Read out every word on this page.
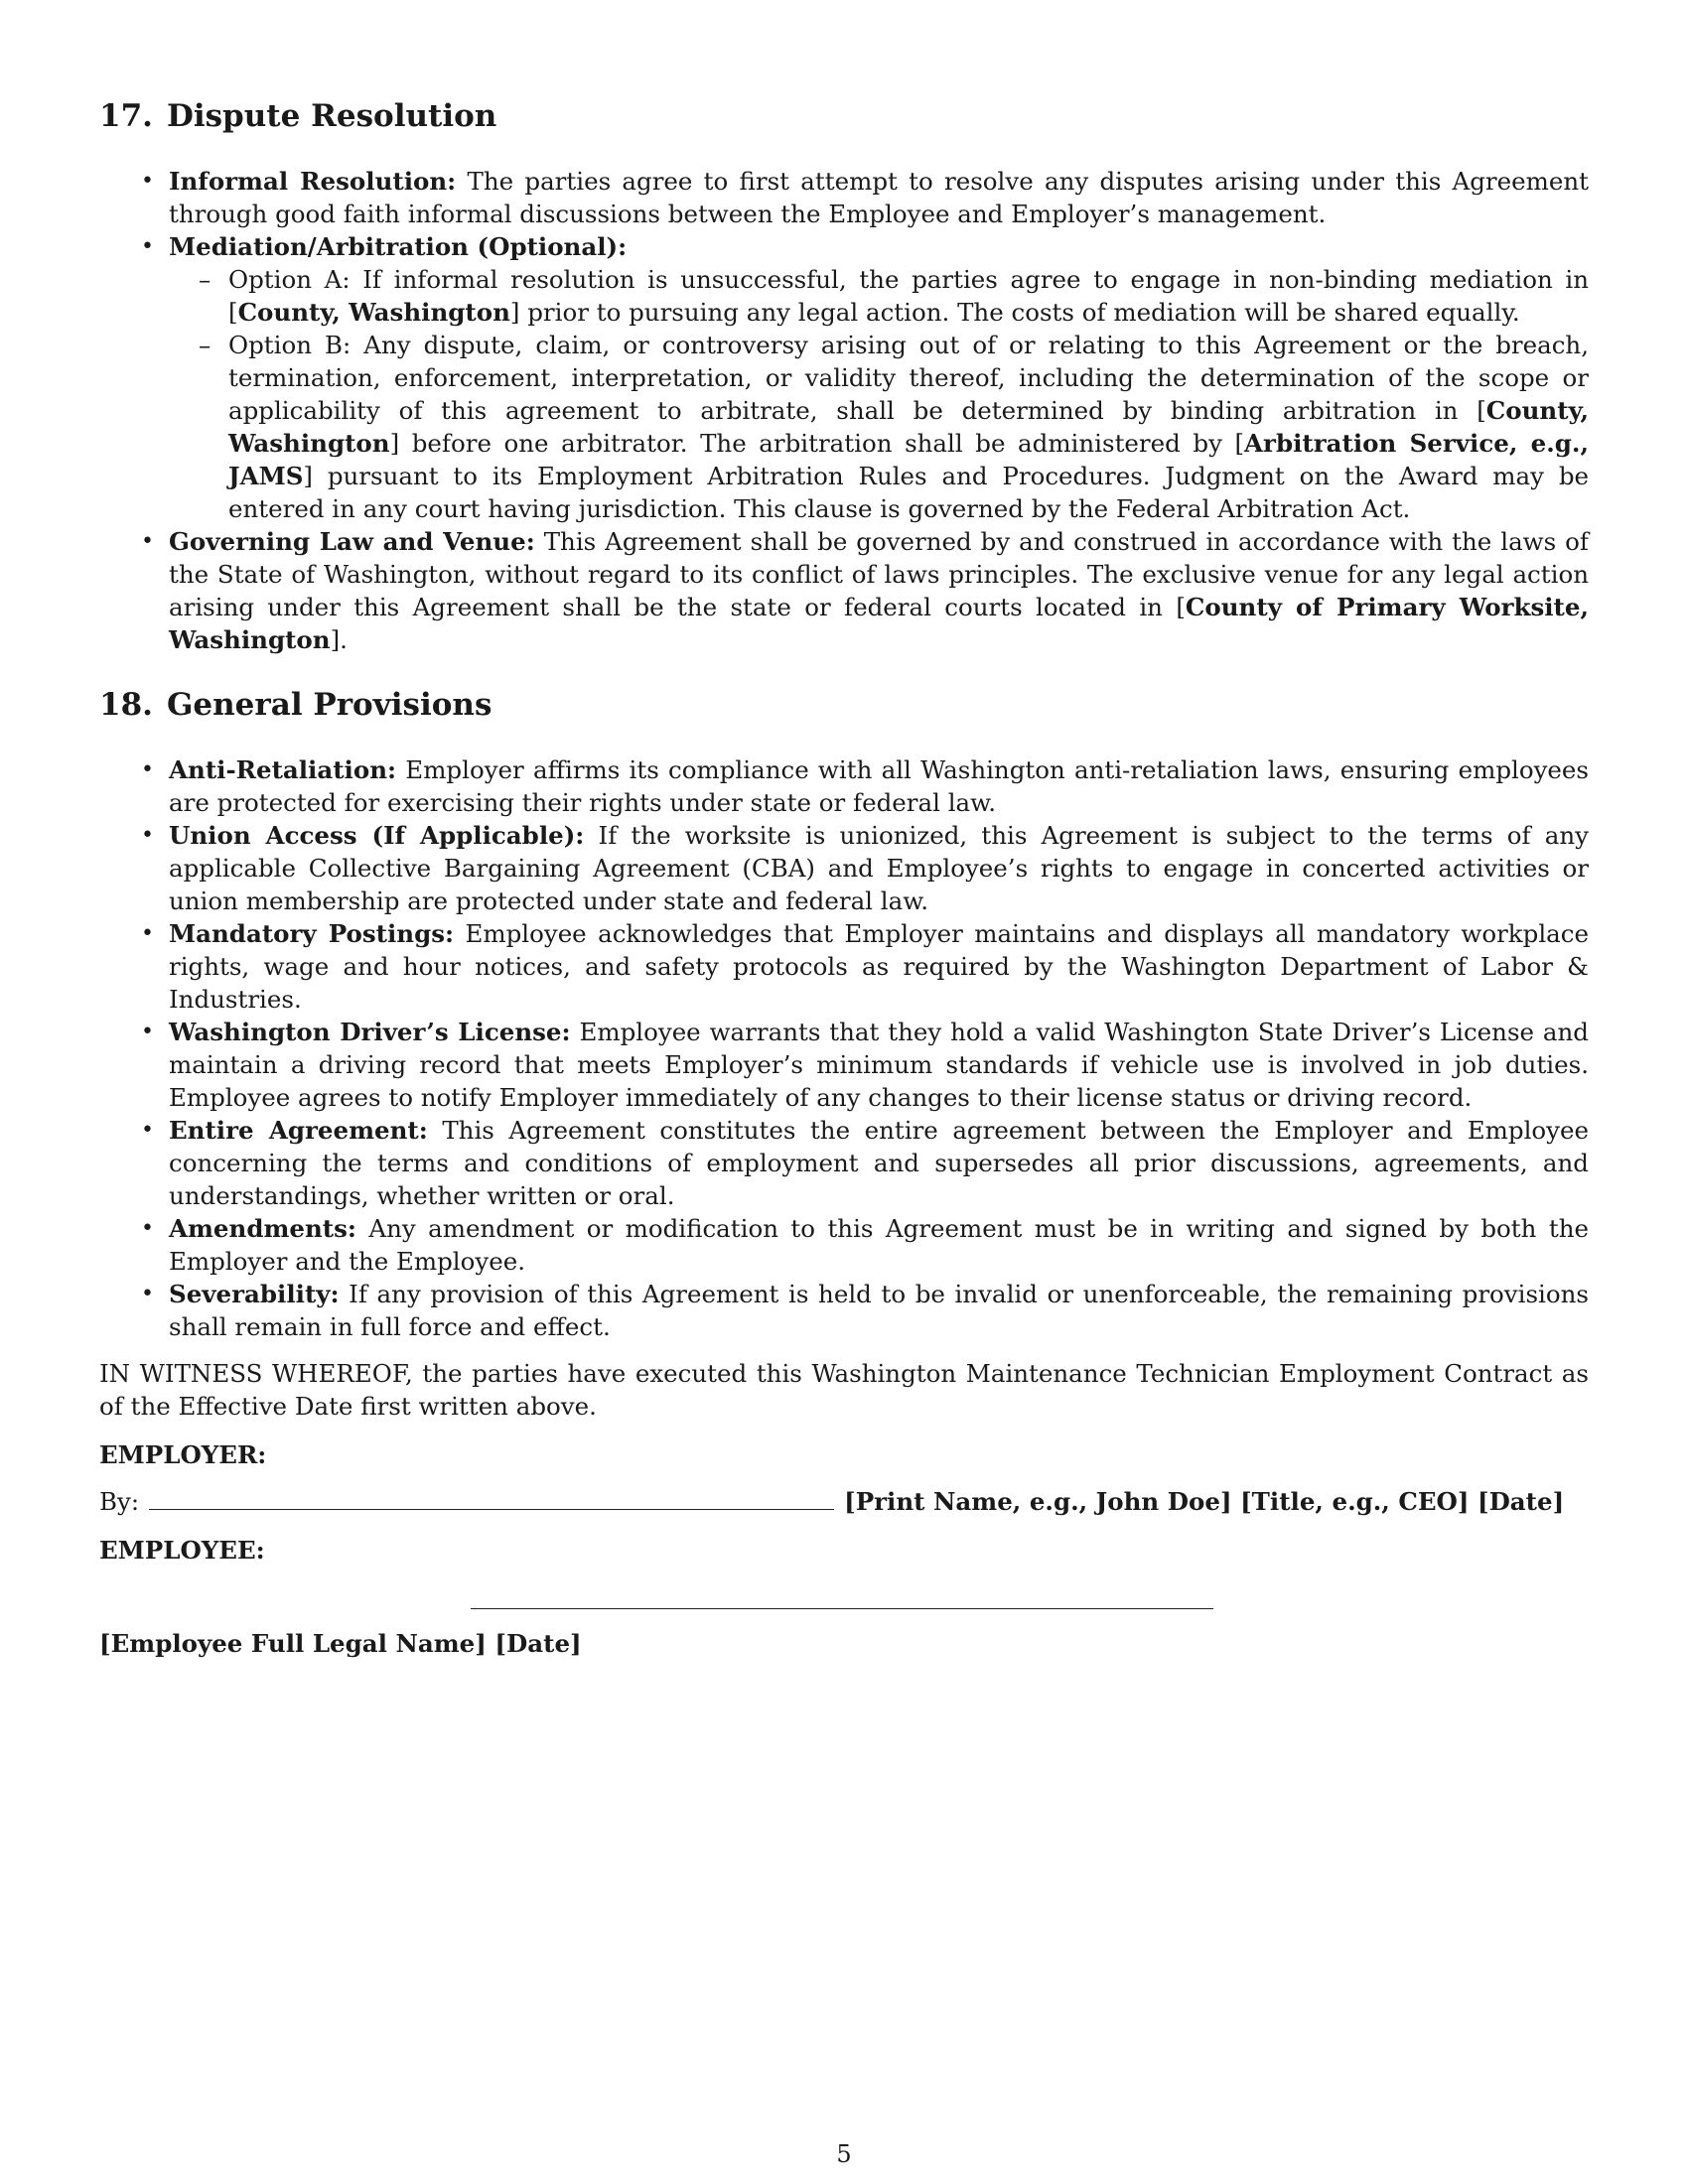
17. Dispute Resolution
• Informal Resolution: The parties agree to first attempt to resolve any disputes arising under this Agreement through good faith informal discussions between the Employee and Employer’s management.
• Mediation/Arbitration (Optional):
– Option A: If informal resolution is unsuccessful, the parties agree to engage in non-binding mediation in [County, Washington] prior to pursuing any legal action. The costs of mediation will be shared equally.
– Option B: Any dispute, claim, or controversy arising out of or relating to this Agreement or the breach, termination, enforcement, interpretation, or validity thereof, including the determination of the scope or applicability of this agreement to arbitrate, shall be determined by binding arbitration in [County, Washington] before one arbitrator. The arbitration shall be administered by [Arbitration Service, e.g., JAMS] pursuant to its Employment Arbitration Rules and Procedures. Judgment on the Award may be entered in any court having jurisdiction. This clause is governed by the Federal Arbitration Act.
• Governing Law and Venue: This Agreement shall be governed by and construed in accordance with the laws of the State of Washington, without regard to its conflict of laws principles. The exclusive venue for any legal action arising under this Agreement shall be the state or federal courts located in [County of Primary Worksite, Washington].
18. General Provisions
• Anti-Retaliation: Employer affirms its compliance with all Washington anti-retaliation laws, ensuring employees are protected for exercising their rights under state or federal law.
• Union Access (If Applicable): If the worksite is unionized, this Agreement is subject to the terms of any applicable Collective Bargaining Agreement (CBA) and Employee’s rights to engage in concerted activities or union membership are protected under state and federal law.
• Mandatory Postings: Employee acknowledges that Employer maintains and displays all mandatory workplace rights, wage and hour notices, and safety protocols as required by the Washington Department of Labor & Industries.
• Washington Driver’s License: Employee warrants that they hold a valid Washington State Driver’s License and maintain a driving record that meets Employer’s minimum standards if vehicle use is involved in job duties. Employee agrees to notify Employer immediately of any changes to their license status or driving record.
• Entire Agreement: This Agreement constitutes the entire agreement between the Employer and Employee concerning the terms and conditions of employment and supersedes all prior discussions, agreements, and understandings, whether written or oral.
• Amendments: Any amendment or modification to this Agreement must be in writing and signed by both the Employer and the Employee.
• Severability: If any provision of this Agreement is held to be invalid or unenforceable, the remaining provisions shall remain in full force and effect.
IN WITNESS WHEREOF, the parties have executed this Washington Maintenance Technician Employment Contract as of the Effective Date first written above.
EMPLOYER:
By:	[Print Name, e.g., John Doe] [Title, e.g., CEO] [Date]
EMPLOYEE:
[Employee Full Legal Name] [Date]
5
